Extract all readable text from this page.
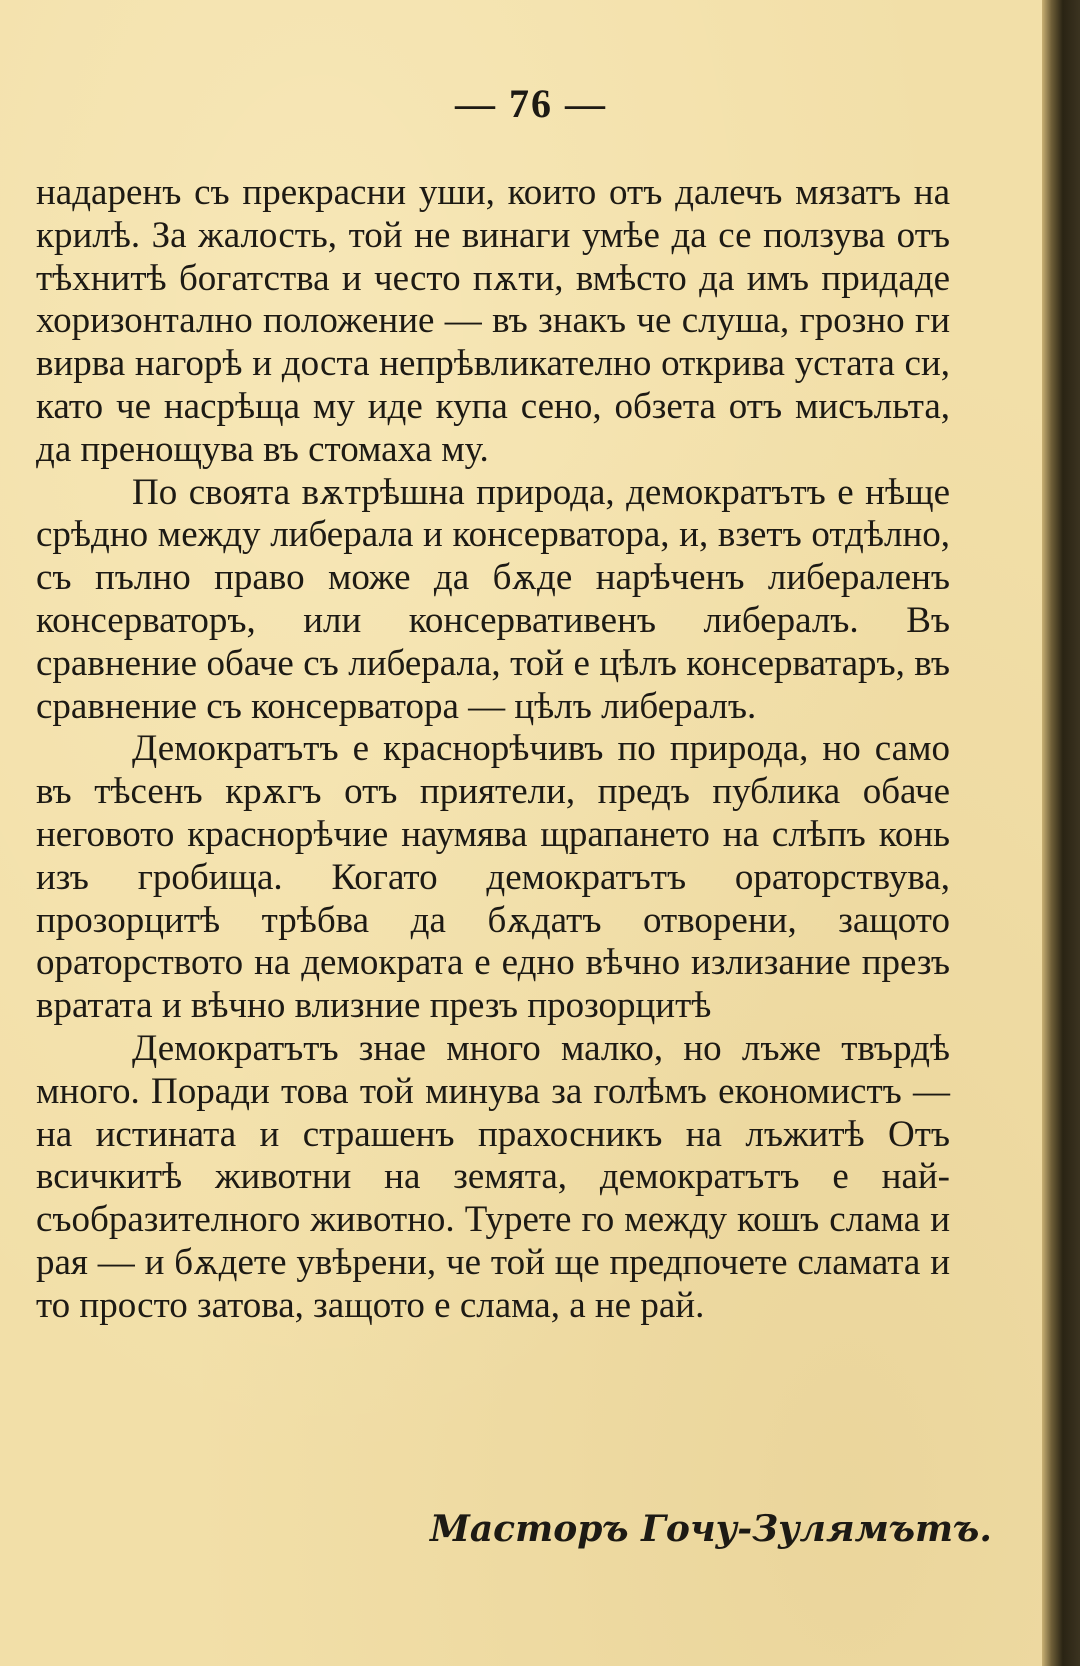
— 76 —

надаренъ съ прекрасни уши, които отъ далечъ мязатъ на крилѣ. За жалость, той не винаги умѣе да се ползува отъ тѣхнитѣ богатства и често пѫти, вмѣсто да имъ придаде хоризонтално положение — въ знакъ че слуша, грозно ги вирва нагорѣ и доста непрѣвликателно открива устата си, като че насрѣща му иде купа сено, обзета отъ мисъльта, да пренощува въ стомаха му.

По своята вѫтрѣшна природа, демократътъ е нѣще срѣдно между либерала и консерватора, и, взетъ отдѣлно, съ пълно право може да бѫде нарѣченъ либераленъ консерваторъ, или консервативенъ либералъ. Въ сравнение обаче съ либерала, той е цѣлъ консерватаръ, въ сравнение съ консерватора — цѣлъ либералъ.

Демократътъ е краснорѣчивъ по природа, но само въ тѣсенъ крѫгъ отъ приятели, предъ публика обаче неговото краснорѣчие наумява щрапането на слѣпъ конь изъ гробища. Когато демократътъ ораторствува, прозорцитѣ трѣбва да бѫдатъ отворени, защото ораторството на демократа е едно вѣчно излизание презъ вратата и вѣчно влизние презъ прозорцитѣ

Демократътъ знае много малко, но лъже твърдѣ много. Поради това той минува за голѣмъ економистъ — на истината и страшенъ прахосникъ на лъжитѣ Отъ всичкитѣ животни на земята, демократътъ е най-съобразителного животно. Турете го между кошъ слама и рая — и бѫдете увѣрени, че той ще предпочете сламата и то просто затова, защото е слама, а не рай.

Масторъ Гочу-Зулямътъ.
